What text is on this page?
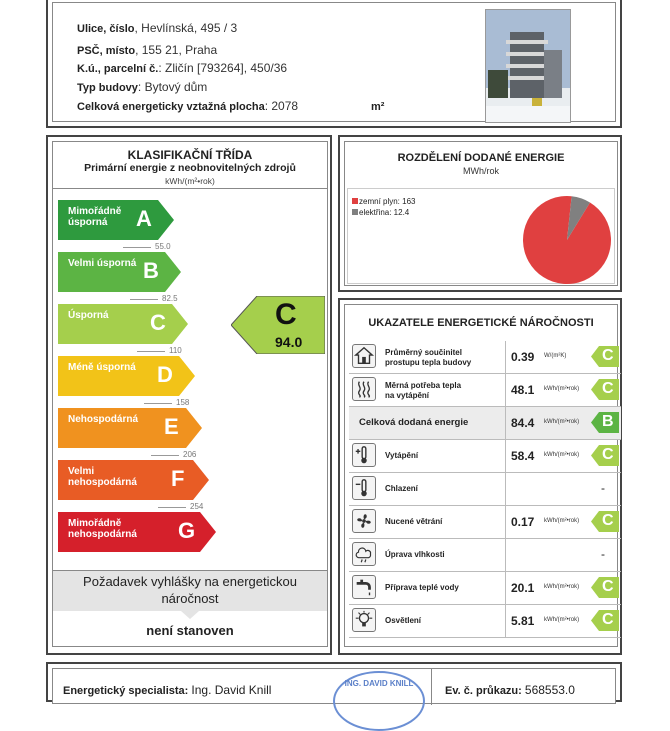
Ulice, číslo, Hevlínská, 495 / 3
PSČ, místo, 155 21, Praha
K.ú., parcelní č.: Zličín [793264], 450/36
Typ budovy: Bytový dům
Celková energeticky vztažná plocha: 2078	m²
KLASIFIKAČNÍ TŘÍDA
Primární energie z neobnovitelných zdrojů
kWh/(m²•rok)
Mimořádně úsporná	A
55.0
Velmi úsporná B
82.5
Úsporná	C
110
Méně úsporná D
158
Nehospodárná	E
206
Velmi nehospodárná	F
254
Mimořádně nehospodárná	G
C
94.0
Požadavek vyhlášky na energetickou náročnost
není stanoven
ROZDĚLENÍ DODANÉ ENERGIE
MWh/rok
zemní plyn: 163
elektřina: 12.4
UKAZATELE ENERGETICKÉ NÁROČNOSTI
Průměrný součinitel
prostupu tepla budovy	0.39 W/(m²K) C
Měrná potřeba tepla
na vytápění	48.1 kWh/(m²•rok) C
Celková dodaná energie	84.4 kWh/(m²•rok) B
Vytápění	58.4 kWh/(m²•rok) C
Chlazení	-
Nucené větrání	0.17 kWh/(m²•rok) C
Úprava vlhkosti	-
Příprava teplé vody	20.1 kWh/(m²•rok) C
Osvětlení	5.81 kWh/(m²•rok) C
Energetický specialista: Ing. David Knill	ING. DAVID KNILL
Ev. č. průkazu: 568553.0
